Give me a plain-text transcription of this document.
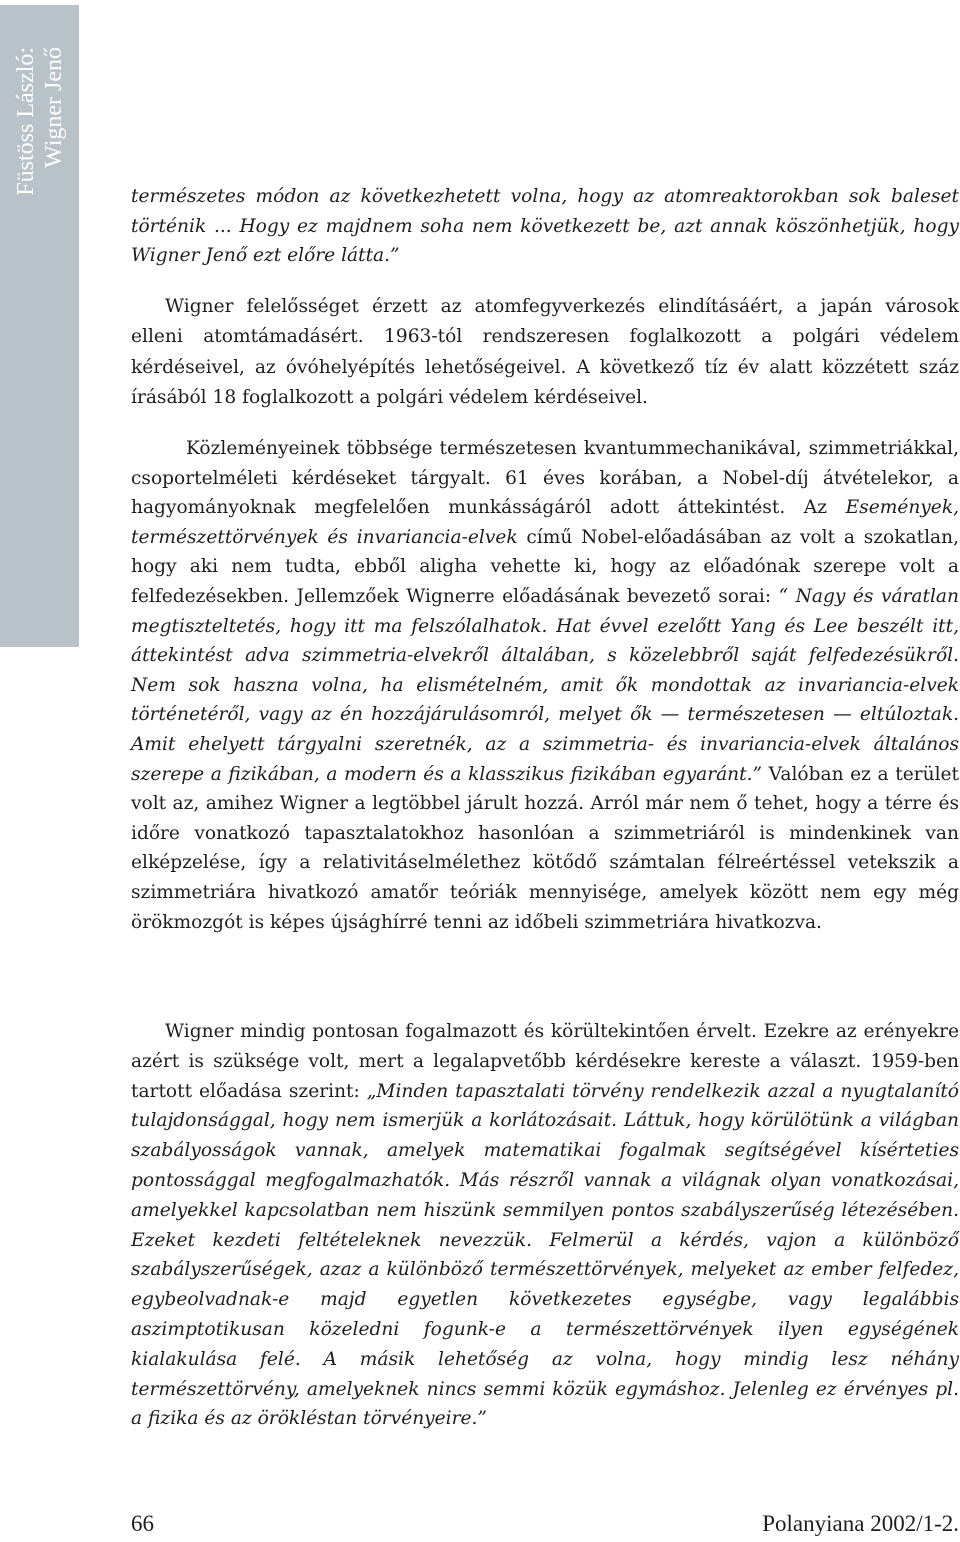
Füstöss László: Wigner Jenő
természetes módon az következhetett volna, hogy az atomreaktorokban sok baleset történik ... Hogy ez majdnem soha nem következett be, azt annak köszönhetjük, hogy Wigner Jenő ezt előre látta.”
Wigner felelősséget érzett az atomfegyverkezés elindításáért, a japán városok elleni atomtámadásért. 1963-tól rendszeresen foglalkozott a polgári védelem kérdéseivel, az óvóhelyépítés lehetőségeivel. A következő tíz év alatt közzétett száz írásából 18 foglalkozott a polgári védelem kérdéseivel.
Közleményeinek többsége természetesen kvantummechanikával, szimmetriákkal, csoportelméleti kérdéseket tárgyalt. 61 éves korában, a Nobel-díj átvételekor, a hagyományoknak megfelelően munkásságáról adott áttekintést. Az Események, természettörvények és invariancia-elvek című Nobel-előadásában az volt a szokatlan, hogy aki nem tudta, ebből aligha vehette ki, hogy az előadónak szerepe volt a felfedezésekben. Jellemzőek Wignerre előadásának bevezető sorai: “ Nagy és váratlan megtiszteltetés, hogy itt ma felszólalhatok. Hat évvel ezelőtt Yang és Lee beszélt itt, áttekintést adva szimmetria-elvekről általában, s közelebbről saját felfedezésükről. Nem sok haszna volna, ha elismételném, amit ők mondottak az invariancia-elvek történetéről, vagy az én hozzájárulásomról, melyet ők — természetesen — eltúloztak. Amit ehelyett tárgyalni szeretnék, az a szimmetria- és invariancia-elvek általános szerepe a fizikában, a modern és a klasszikus fizikában egyaránt.” Valóban ez a terület volt az, amihez Wigner a legtöbbel járult hozzá. Arról már nem ő tehet, hogy a térre és időre vonatkozó tapasztalatokhoz hasonlóan a szimmetriáról is mindenkinek van elképzelése, így a relativitáselmélethez kötődő számtalan félreértéssel vetekszik a szimmetriára hivatkozó amatőr teóriák mennyisége, amelyek között nem egy még örökmozgót is képes újsághírré tenni az időbeli szimmetriára hivatkozva.
Wigner mindig pontosan fogalmazott és körültekintően érvelt. Ezekre az erényekre azért is szüksége volt, mert a legalapvetőbb kérdésekre kereste a választ. 1959-ben tartott előadása szerint: „Minden tapasztalati törvény rendelkezik azzal a nyugtalanító tulajdonsággal, hogy nem ismerjük a korlátozásait. Láttuk, hogy körülötünk a világban szabályosságok vannak, amelyek matematikai fogalmak segítségével kísérteties pontossággal megfogalmazhatók. Más részről vannak a világnak olyan vonatkozásai, amelyekkel kapcsolatban nem hiszünk semmilyen pontos szabályszerűség létezésében. Ezeket kezdeti feltételeknek nevezzük. Felmerül a kérdés, vajon a különböző szabályszerűségek, azaz a különböző természettörvények, melyeket az ember felfedez, egybeolvadnak-e majd egyetlen következetes egységbe, vagy legalábbis aszimptotikusan közeledni fogunk-e a természettörvények ilyen egységének kialakulása felé. A másik lehetőség az volna, hogy mindig lesz néhány természettörvény, amelyeknek nincs semmi közük egymáshoz. Jelenleg ez érvényes pl. a fizika és az örökléstan törvényeire.”
66	Polanyiana 2002/1-2.
